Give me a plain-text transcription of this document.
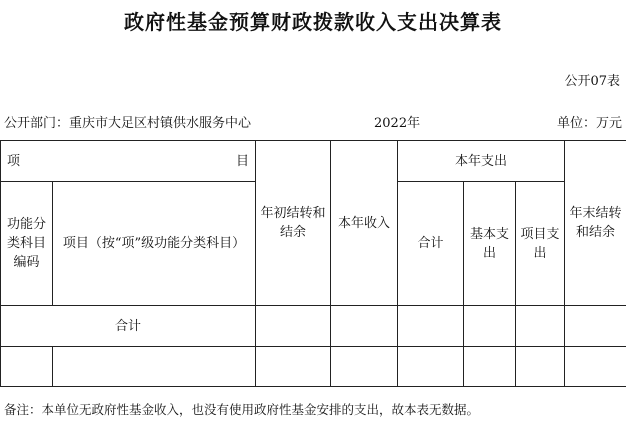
政府性基金预算财政拨款收入支出决算表
公开07表
公开部门：重庆市大足区村镇供水服务中心	2022年	单位：万元
项 目		年初结转和结余	本年收入	本年支出			年末结转和结余
功能分类科目编码	项目（按“项”级功能分类科目）			合计	基本支出	项目支出	
合计							

备注：本单位无政府性基金收入，也没有使用政府性基金安排的支出，故本表无数据。
